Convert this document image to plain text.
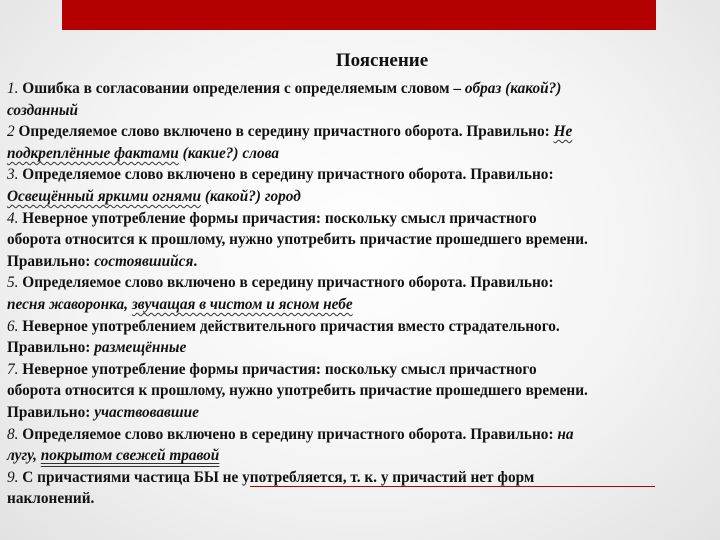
Пояснение
1. Ошибка в согласовании определения с определяемым словом – образ (какой?)
созданный
2 Определяемое слово включено в середину причастного оборота. Правильно: Не
подкреплённые фактами (какие?) слова
3. Определяемое слово включено в середину причастного оборота. Правильно:
Освещённый яркими огнями (какой?) город
4. Неверное употребление формы причастия: поскольку смысл причастного
оборота относится к прошлому, нужно употребить причастие прошедшего времени.
Правильно: состоявшийся.
5. Определяемое слово включено в середину причастного оборота. Правильно:
песня жаворонка, звучащая в чистом и ясном небе
6. Неверное употреблением действительного причастия вместо страдательного.
Правильно: размещённые
7. Неверное употребление формы причастия: поскольку смысл причастного
оборота относится к прошлому, нужно употребить причастие прошедшего времени.
Правильно: участвовавшие
8. Определяемое слово включено в середину причастного оборота. Правильно: на
лугу, покрытом свежей травой
9. С причастиями частица БЫ не употребляется, т. к. у причастий нет форм
наклонений.
